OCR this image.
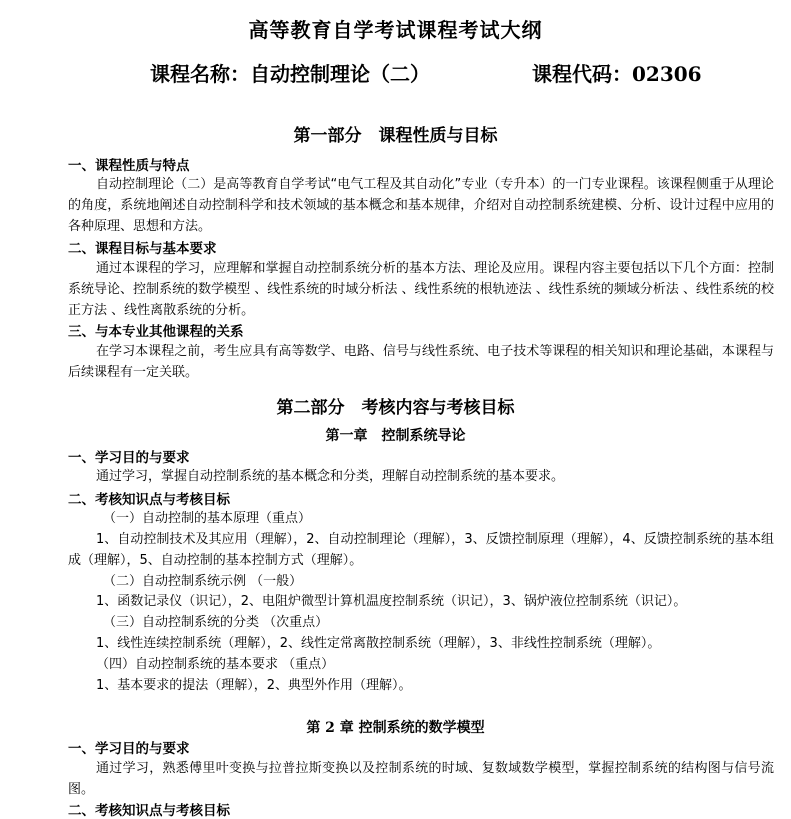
高等教育自学考试课程考试大纲
课程名称：自动控制理论（二）	课程代码：02306
第一部分　课程性质与目标
一、课程性质与特点
自动控制理论（二）是高等教育自学考试“电气工程及其自动化”专业（专升本）的一门专业课程。该课程侧重于从理论的角度，系统地阐述自动控制科学和技术领域的基本概念和基本规律，介绍对自动控制系统建模、分析、设计过程中应用的各种原理、思想和方法。
二、课程目标与基本要求
通过本课程的学习，应理解和掌握自动控制系统分析的基本方法、理论及应用。课程内容主要包括以下几个方面：控制系统导论、控制系统的数学模型 、线性系统的时域分析法 、线性系统的根轨迹法 、线性系统的频域分析法 、线性系统的校正方法 、线性离散系统的分析。
三、与本专业其他课程的关系
在学习本课程之前，考生应具有高等数学、电路、信号与线性系统、电子技术等课程的相关知识和理论基础，本课程与后续课程有一定关联。
第二部分　考核内容与考核目标
第一章　控制系统导论
一、学习目的与要求
通过学习，掌握自动控制系统的基本概念和分类，理解自动控制系统的基本要求。
二、考核知识点与考核目标
（一）自动控制的基本原理（重点）
1、自动控制技术及其应用（理解），2、自动控制理论（理解），3、反馈控制原理（理解），4、反馈控制系统的基本组成（理解），5、自动控制的基本控制方式（理解）。
（二）自动控制系统示例 （一般）
1、函数记录仪（识记），2、电阻炉微型计算机温度控制系统（识记），3、锅炉液位控制系统（识记）。
（三）自动控制系统的分类 （次重点）
1、线性连续控制系统（理解），2、线性定常离散控制系统（理解），3、非线性控制系统（理解）。
（四）自动控制系统的基本要求 （重点）
1、基本要求的提法（理解），2、典型外作用（理解）。
第 2 章 控制系统的数学模型
一、学习目的与要求
通过学习，熟悉傅里叶变换与拉普拉斯变换以及控制系统的时域、复数域数学模型，掌握控制系统的结构图与信号流图。
二、考核知识点与考核目标
